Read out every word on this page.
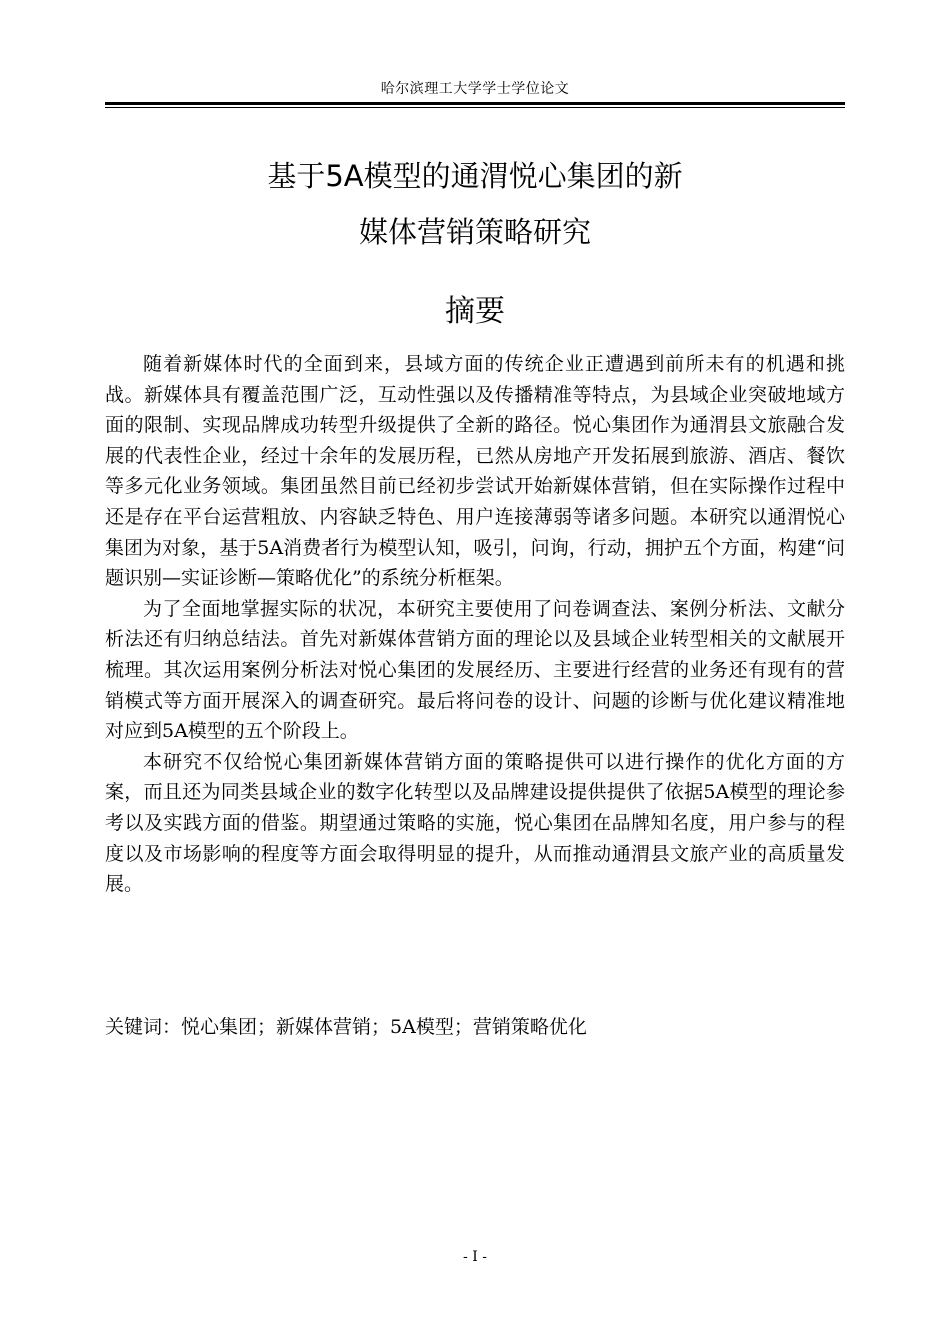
哈尔滨理工大学学士学位论文
基于5A模型的通渭悦心集团的新
媒体营销策略研究
摘要

随着新媒体时代的全面到来，县域方面的传统企业正遭遇到前所未有的机遇和挑战。新媒体具有覆盖范围广泛，互动性强以及传播精准等特点，为县域企业突破地域方面的限制、实现品牌成功转型升级提供了全新的路径。悦心集团作为通渭县文旅融合发展的代表性企业，经过十余年的发展历程，已然从房地产开发拓展到旅游、酒店、餐饮等多元化业务领域。集团虽然目前已经初步尝试开始新媒体营销，但在实际操作过程中还是存在平台运营粗放、内容缺乏特色、用户连接薄弱等诸多问题。本研究以通渭悦心集团为对象，基于5A消费者行为模型认知，吸引，问询，行动，拥护五个方面，构建“问题识别—实证诊断—策略优化”的系统分析框架。

为了全面地掌握实际的状况，本研究主要使用了问卷调查法、案例分析法、文献分析法还有归纳总结法。首先对新媒体营销方面的理论以及县域企业转型相关的文献展开梳理。其次运用案例分析法对悦心集团的发展经历、主要进行经营的业务还有现有的营销模式等方面开展深入的调查研究。最后将问卷的设计、问题的诊断与优化建议精准地对应到5A模型的五个阶段上。

本研究不仅给悦心集团新媒体营销方面的策略提供可以进行操作的优化方面的方案，而且还为同类县域企业的数字化转型以及品牌建设提供提供了依据5A模型的理论参考以及实践方面的借鉴。期望通过策略的实施，悦心集团在品牌知名度，用户参与的程度以及市场影响的程度等方面会取得明显的提升，从而推动通渭县文旅产业的高质量发展。

关键词：悦心集团；新媒体营销；5A模型；营销策略优化
- I -
